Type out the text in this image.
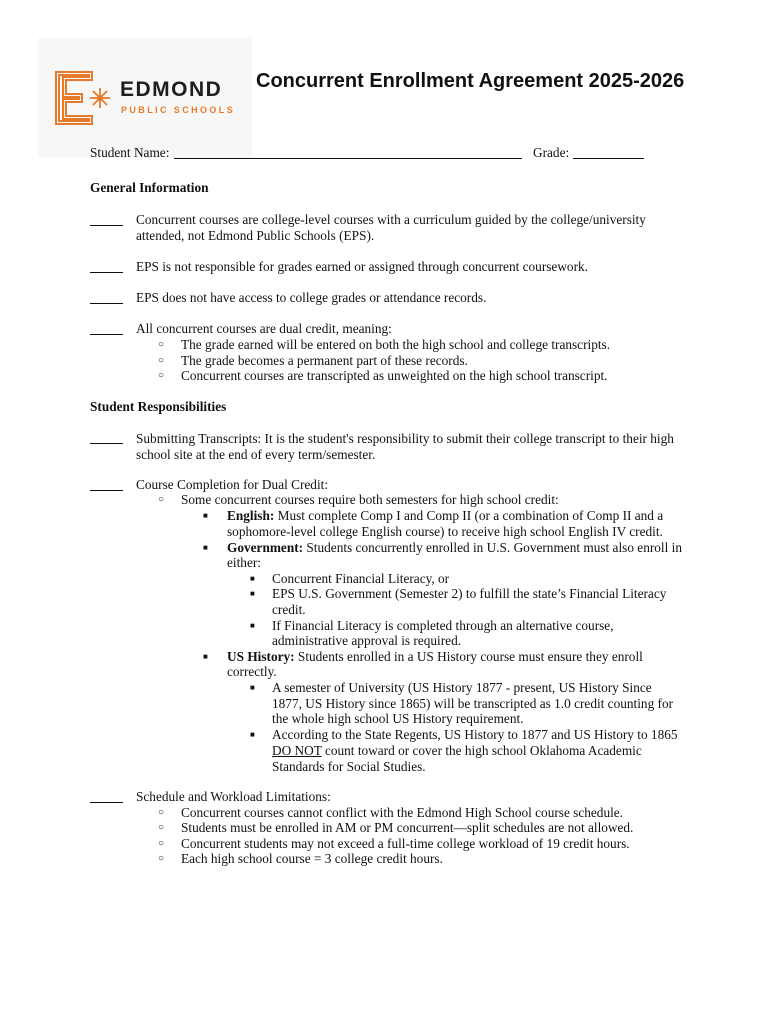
EDMOND
PUBLIC SCHOOLS
Concurrent Enrollment Agreement 2025-2026
Student Name:	Grade:
General Information
Concurrent courses are college-level courses with a curriculum guided by the college/university
attended, not Edmond Public Schools (EPS).
EPS is not responsible for grades earned or assigned through concurrent coursework.
EPS does not have access to college grades or attendance records.
All concurrent courses are dual credit, meaning:
○ The grade earned will be entered on both the high school and college transcripts.
○ The grade becomes a permanent part of these records.
○ Concurrent courses are transcripted as unweighted on the high school transcript.
Student Responsibilities
Submitting Transcripts: It is the student's responsibility to submit their college transcript to their high
school site at the end of every term/semester.
Course Completion for Dual Credit:
○ Some concurrent courses require both semesters for high school credit:
■ English: Must complete Comp I and Comp II (or a combination of Comp II and a
sophomore-level college English course) to receive high school English IV credit.
■ Government: Students concurrently enrolled in U.S. Government must also enroll in
either:
■ Concurrent Financial Literacy, or
■ EPS U.S. Government (Semester 2) to fulfill the state’s Financial Literacy
credit.
■ If Financial Literacy is completed through an alternative course,
administrative approval is required.
■ US History: Students enrolled in a US History course must ensure they enroll
correctly.
■ A semester of University (US History 1877 - present, US History Since
1877, US History since 1865) will be transcripted as 1.0 credit counting for
the whole high school US History requirement.
■ According to the State Regents, US History to 1877 and US History to 1865
DO NOT count toward or cover the high school Oklahoma Academic
Standards for Social Studies.
Schedule and Workload Limitations:
○ Concurrent courses cannot conflict with the Edmond High School course schedule.
○ Students must be enrolled in AM or PM concurrent—split schedules are not allowed.
○ Concurrent students may not exceed a full-time college workload of 19 credit hours.
○ Each high school course = 3 college credit hours.
